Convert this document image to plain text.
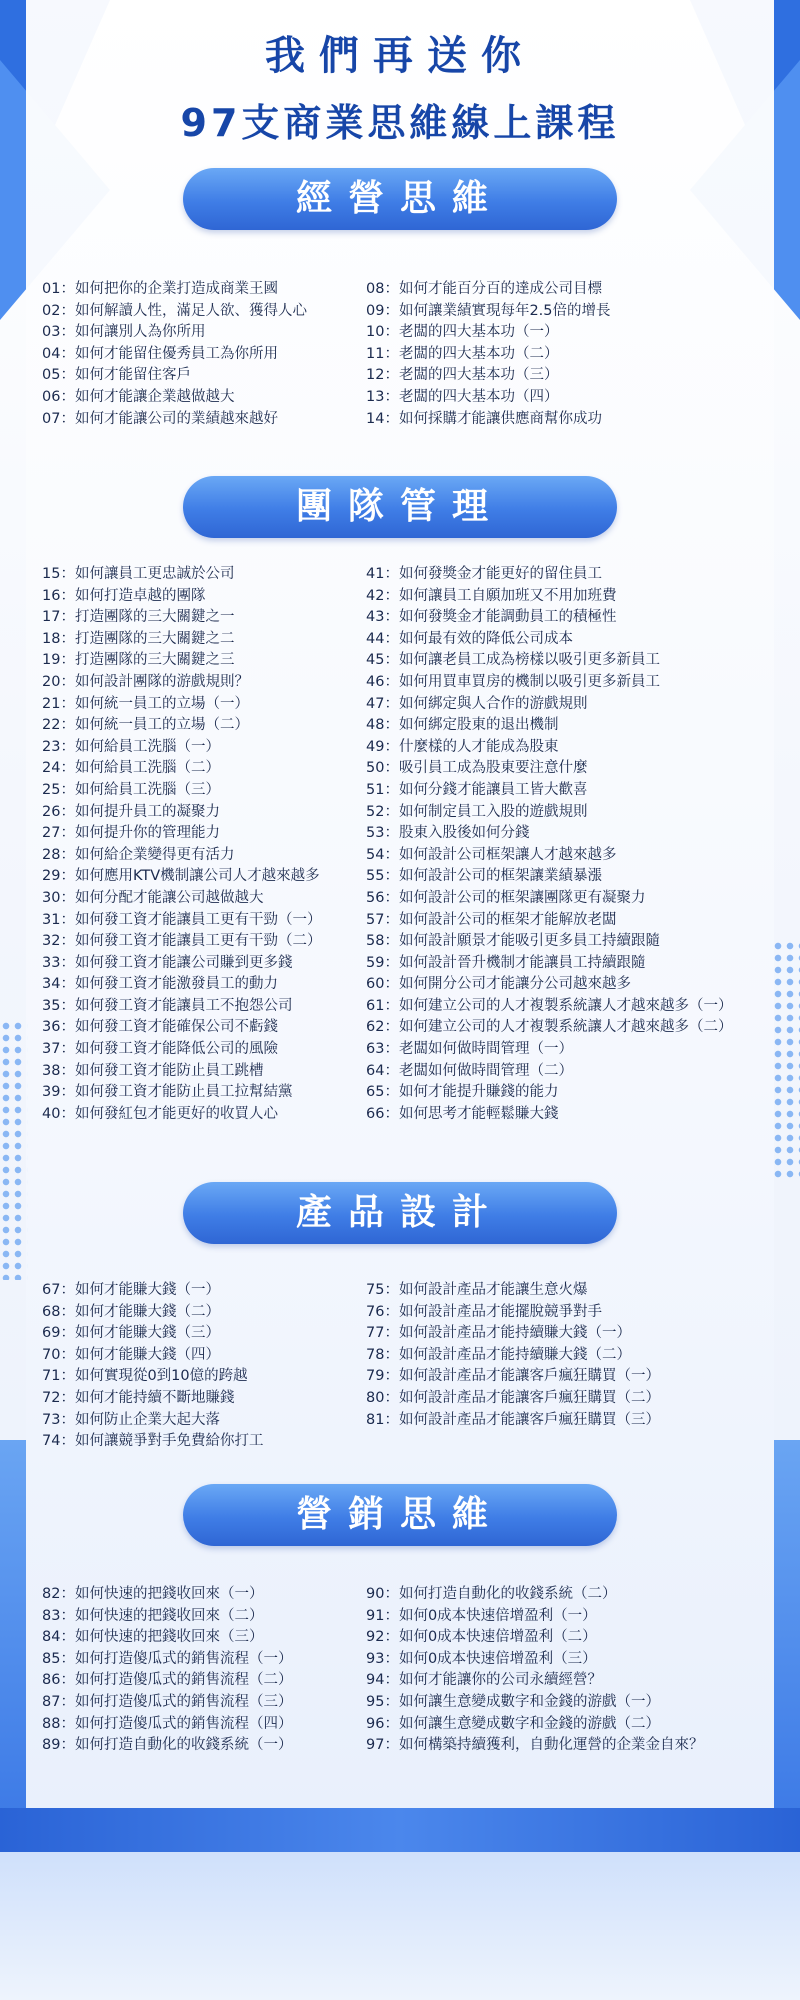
我們再送你
97支商業思維線上課程
經營思維
01：如何把你的企業打造成商業王國
02：如何解讀人性，滿足人欲、獲得人心
03：如何讓別人為你所用
04：如何才能留住優秀員工為你所用
05：如何才能留住客戶
06：如何才能讓企業越做越大
07：如何才能讓公司的業績越來越好
08：如何才能百分百的達成公司目標
09：如何讓業績實現每年2.5倍的增長
10：老闆的四大基本功（一）
11：老闆的四大基本功（二）
12：老闆的四大基本功（三）
13：老闆的四大基本功（四）
14：如何採購才能讓供應商幫你成功
團隊管理
15：如何讓員工更忠誠於公司
16：如何打造卓越的團隊
17：打造團隊的三大關鍵之一
18：打造團隊的三大關鍵之二
19：打造團隊的三大關鍵之三
20：如何設計團隊的游戲規則？
21：如何統一員工的立場（一）
22：如何統一員工的立場（二）
23：如何給員工洗腦（一）
24：如何給員工洗腦（二）
25：如何給員工洗腦（三）
26：如何提升員工的凝聚力
27：如何提升你的管理能力
28：如何給企業變得更有活力
29：如何應用KTV機制讓公司人才越來越多
30：如何分配才能讓公司越做越大
31：如何發工資才能讓員工更有干勁（一）
32：如何發工資才能讓員工更有干勁（二）
33：如何發工資才能讓公司賺到更多錢
34：如何發工資才能激發員工的動力
35：如何發工資才能讓員工不抱怨公司
36：如何發工資才能確保公司不虧錢
37：如何發工資才能降低公司的風險
38：如何發工資才能防止員工跳槽
39：如何發工資才能防止員工拉幫結黨
40：如何發紅包才能更好的收買人心
41：如何發獎金才能更好的留住員工
42：如何讓員工自願加班又不用加班費
43：如何發獎金才能調動員工的積極性
44：如何最有效的降低公司成本
45：如何讓老員工成為榜樣以吸引更多新員工
46：如何用買車買房的機制以吸引更多新員工
47：如何綁定與人合作的游戲規則
48：如何綁定股東的退出機制
49：什麼樣的人才能成為股東
50：吸引員工成為股東要注意什麼
51：如何分錢才能讓員工皆大歡喜
52：如何制定員工入股的遊戲規則
53：股東入股後如何分錢
54：如何設計公司框架讓人才越來越多
55：如何設計公司的框架讓業績暴漲
56：如何設計公司的框架讓團隊更有凝聚力
57：如何設計公司的框架才能解放老闆
58：如何設計願景才能吸引更多員工持續跟隨
59：如何設計晉升機制才能讓員工持續跟隨
60：如何開分公司才能讓分公司越來越多
61：如何建立公司的人才複製系統讓人才越來越多（一）
62：如何建立公司的人才複製系統讓人才越來越多（二）
63：老闆如何做時間管理（一）
64：老闆如何做時間管理（二）
65：如何才能提升賺錢的能力
66：如何思考才能輕鬆賺大錢
產品設計
67：如何才能賺大錢（一）
68：如何才能賺大錢（二）
69：如何才能賺大錢（三）
70：如何才能賺大錢（四）
71：如何實現從0到10億的跨越
72：如何才能持續不斷地賺錢
73：如何防止企業大起大落
74：如何讓競爭對手免費給你打工
75：如何設計產品才能讓生意火爆
76：如何設計產品才能擺脫競爭對手
77：如何設計產品才能持續賺大錢（一）
78：如何設計產品才能持續賺大錢（二）
79：如何設計產品才能讓客戶瘋狂購買（一）
80：如何設計產品才能讓客戶瘋狂購買（二）
81：如何設計產品才能讓客戶瘋狂購買（三）
營銷思維
82：如何快速的把錢收回來（一）
83：如何快速的把錢收回來（二）
84：如何快速的把錢收回來（三）
85：如何打造傻瓜式的銷售流程（一）
86：如何打造傻瓜式的銷售流程（二）
87：如何打造傻瓜式的銷售流程（三）
88：如何打造傻瓜式的銷售流程（四）
89：如何打造自動化的收錢系統（一）
90：如何打造自動化的收錢系統（二）
91：如何0成本快速倍增盈利（一）
92：如何0成本快速倍增盈利（二）
93：如何0成本快速倍增盈利（三）
94：如何才能讓你的公司永續經營？
95：如何讓生意變成數字和金錢的游戲（一）
96：如何讓生意變成數字和金錢的游戲（二）
97：如何構築持續獲利，自動化運營的企業金自來？
